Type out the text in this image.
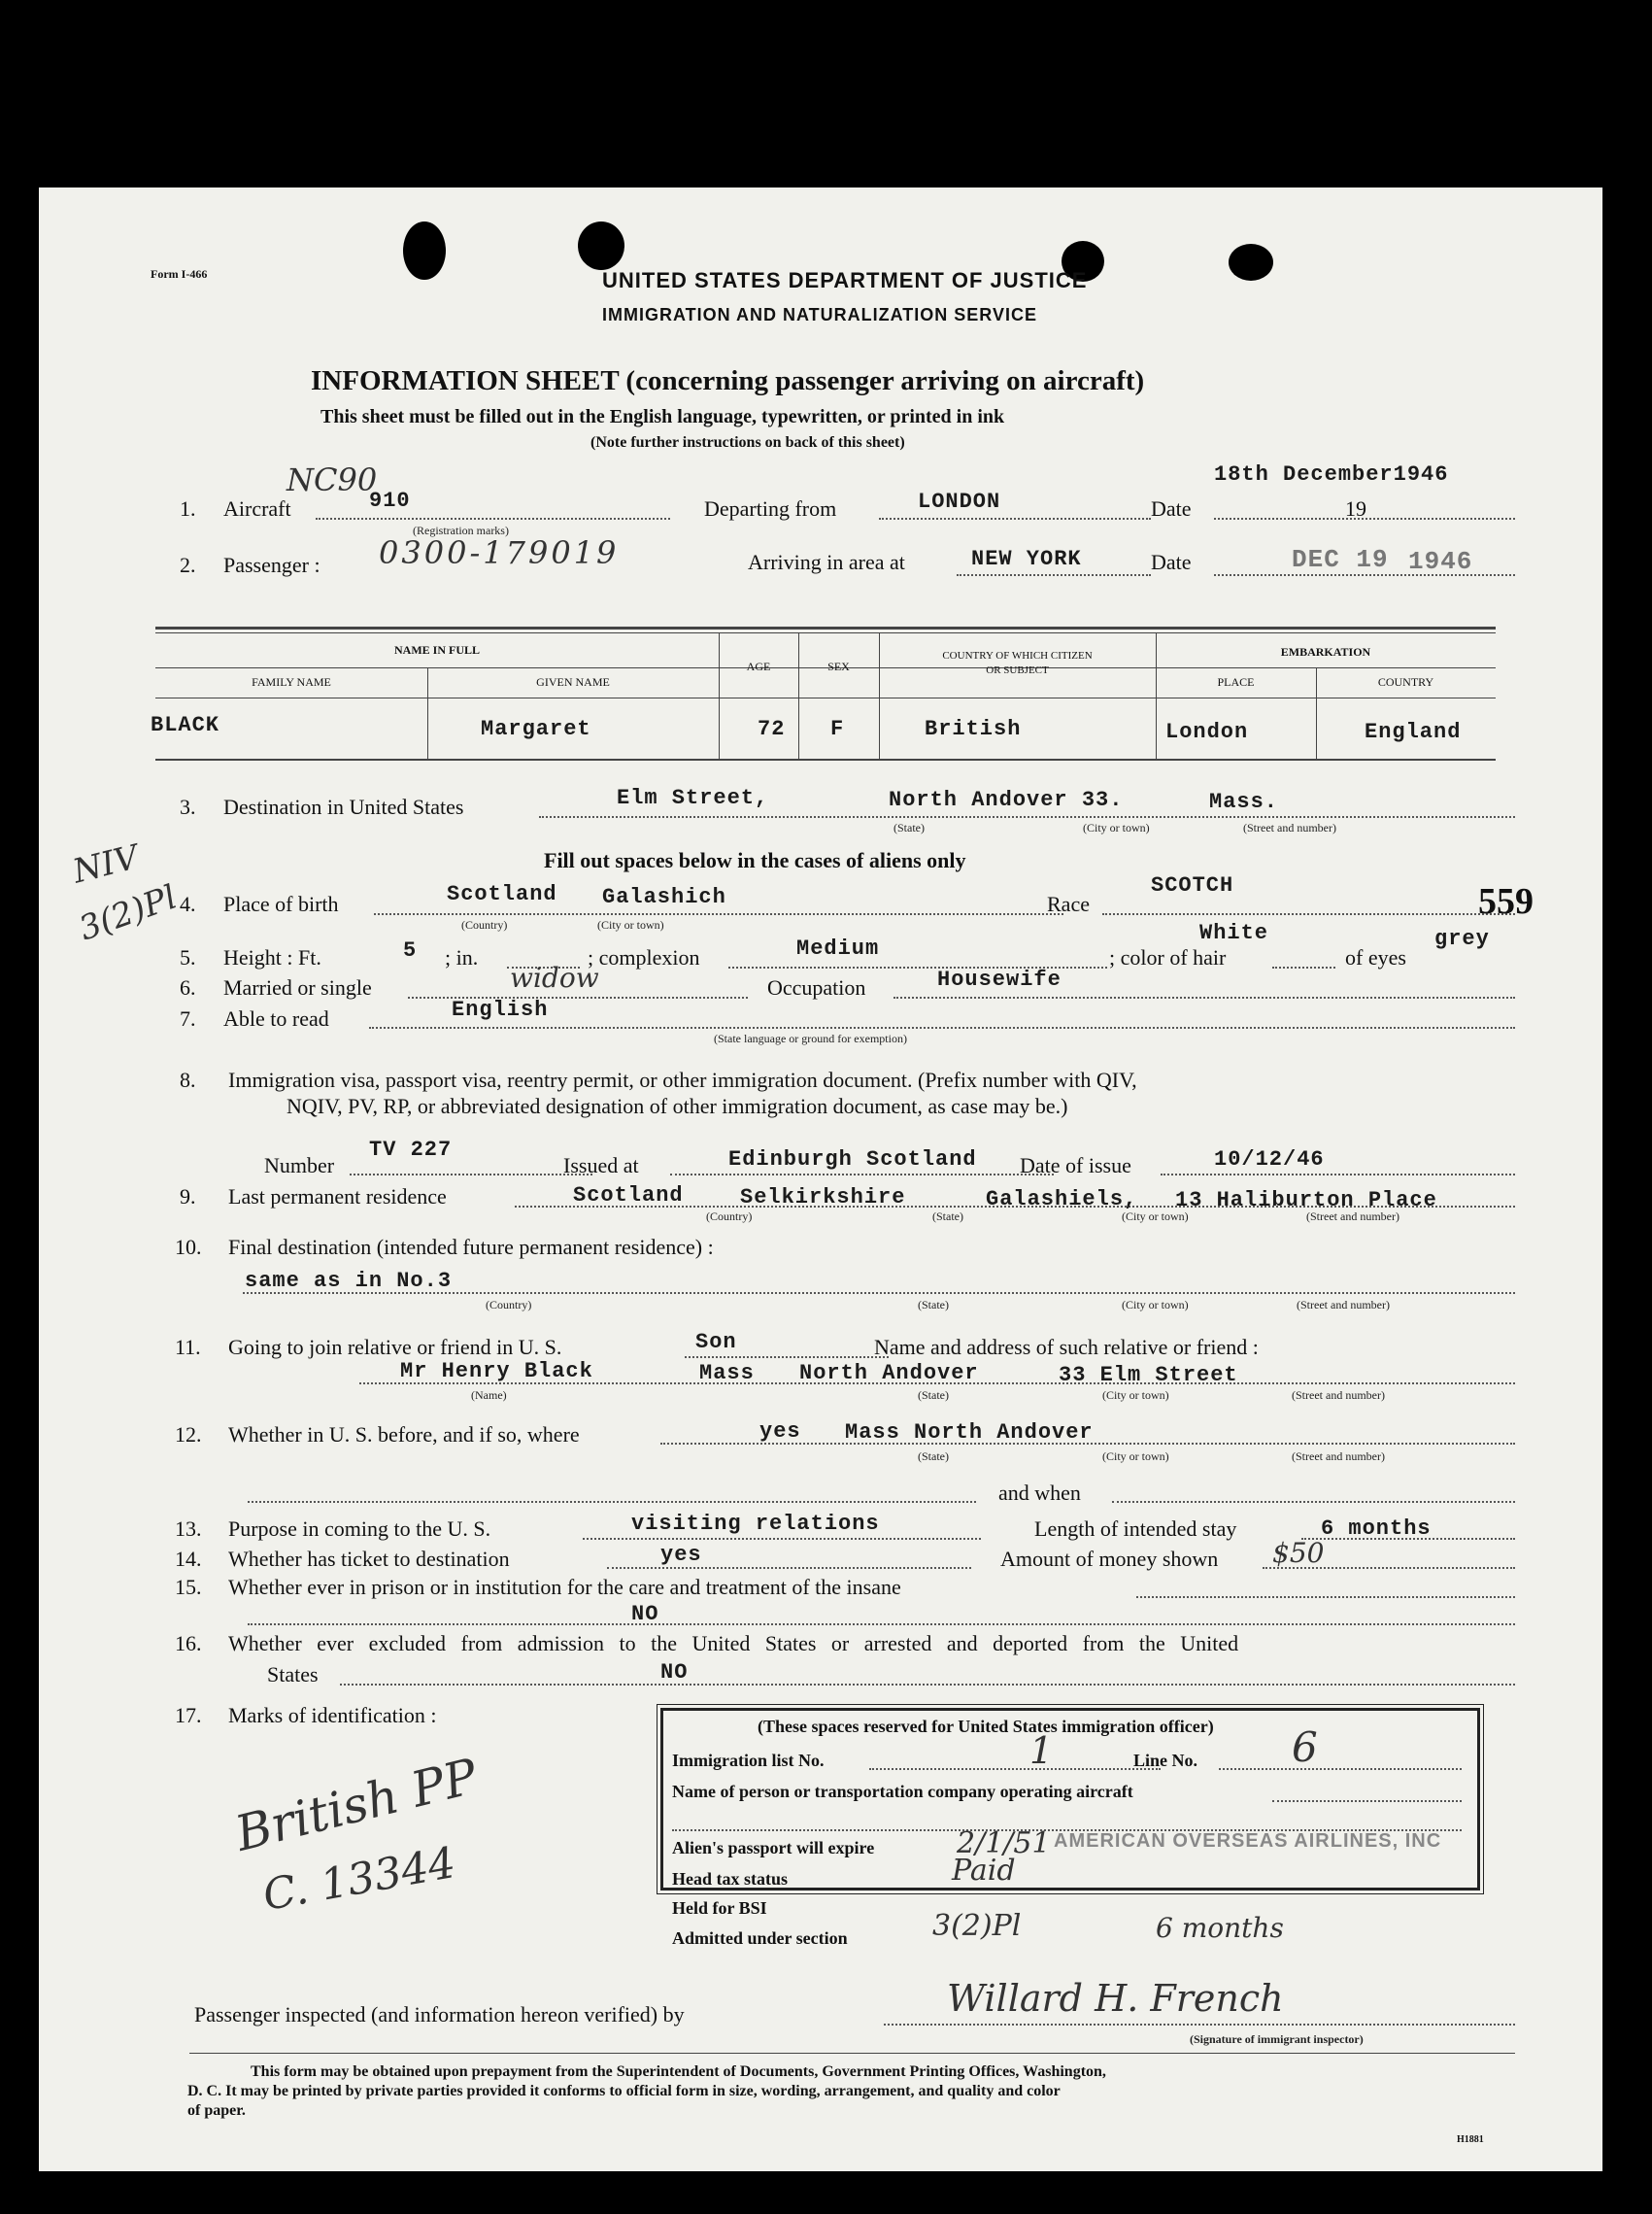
Form I-466	UNITED STATES DEPARTMENT OF JUSTICE
IMMIGRATION AND NATURALIZATION SERVICE
INFORMATION SHEET (concerning passenger arriving on aircraft)
This sheet must be filled out in the English language, typewritten, or printed in ink
(Note further instructions on back of this sheet)
NC90
910
1. Aircraft
(Registration marks)
Departing from	LONDON
18th December1946
Date	19
2. Passenger : 0300-179019	Arriving in area at	NEW YORK	Date	DEC 19 1946
NAME IN FULL
FAMILY NAME	GIVEN NAME
AGE	SEX
COUNTRY OF WHICH CITIZEN
OR SUBJECT
EMBARKATION
PLACE	COUNTRY
BLACK	Margaret	72 F	British	London	England
3. Destination in United States	Elm Street,	North Andover 33.	Mass.
(State)	(City or town)	(Street and number)
NIV
3(2)Pl
Fill out spaces below in the cases of aliens only
4. Place of birth	Scotland Galashich
(Country)	(City or town)
Race
SCOTCH	559
5. Height : Ft.	5 ; in.	; complexion	Medium	; color of hair
White
of eyes
grey
6. Married or single	widow	Occupation	Housewife
7. Able to read	English
(State language or ground for exemption)
8. Immigration visa, passport visa, reentry permit, or other immigration document. (Prefix number with QIV,
NQIV, PV, RP, or abbreviated designation of other immigration document, as case may be.)
Number
TV 227
Issued at	Edinburgh Scotland Date of issue	10/12/46
9. Last permanent residence	Scotland	Selkirkshire	Galashiels, 13 Haliburton Place
(Country)	(State)	(City or town)	(Street and number)
10. Final destination (intended future permanent residence) :
same as in No.3
(Country)	(State)	(City or town)	(Street and number)
11. Going to join relative or friend in U. S.	Son	Name and address of such relative or friend :
Mr Henry Black	Mass North Andover	33 Elm Street
(Name)	(State)	(City or town)	(Street and number)
12. Whether in U. S. before, and if so, where	yes Mass North Andover
(State)	(City or town)	(Street and number)
and when
13. Purpose in coming to the U. S.	visiting relations	Length of intended stay	6 months
14. Whether has ticket to destination	yes	Amount of money shown $50
15. Whether ever in prison or in institution for the care and treatment of the insane
NO
16. Whether ever excluded from admission to the United States or arrested and deported from the United
States	NO
17. Marks of identification :
British PP
C. 13344
(These spaces reserved for United States immigration officer)
Immigration list No.	1	Line No. 6
Name of person or transportation company operating aircraft
AMERICAN OVERSEAS AIRLINES, INC
Alien's passport will expire	2/1/51
Head tax status	Paid
Held for BSI
Admitted under section	3(2)Pl	6 months
Passenger inspected (and information hereon verified) by	Willard H. French
(Signature of immigrant inspector)
This form may be obtained upon prepayment from the Superintendent of Documents, Government Printing Offices, Washington,
D. C. It may be printed by private parties provided it conforms to official form in size, wording, arrangement, and quality and color
of paper.
H1881
